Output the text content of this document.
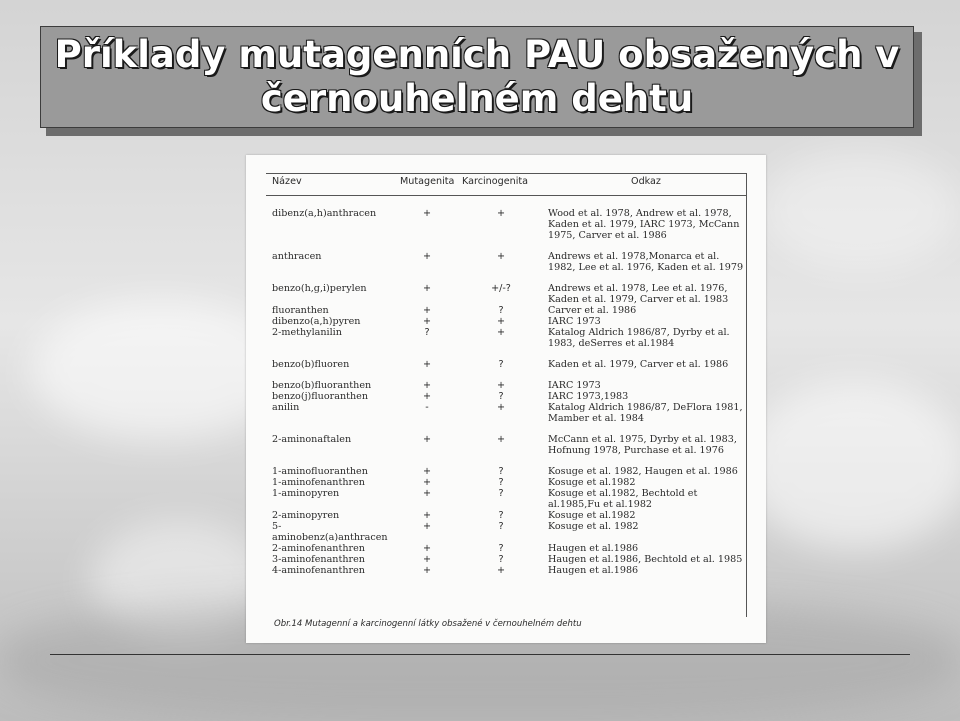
Příklady mutagenních PAU obsažených v
černouhelném dehtu
Název	Mutagenita	Karcinogenita	Odkaz
dibenz(a,h)anthracen	+	+	Wood et al. 1978, Andrew et al. 1978, Kaden et al. 1979, IARC 1973, McCann 1975, Carver et al. 1986
anthracen	+	+	Andrews et al. 1978,Monarca et al. 1982, Lee et al. 1976, Kaden et al. 1979
benzo(h,g,i)perylen	+	+/-?	Andrews et al. 1978, Lee et al. 1976, Kaden et al. 1979, Carver et al. 1983
fluoranthen	+	?	Carver et al. 1986
dibenzo(a,h)pyren	+	+	IARC 1973
2-methylanilin	?	+	Katalog Aldrich 1986/87, Dyrby et al. 1983, deSerres et al.1984
benzo(b)fluoren	+	?	Kaden et al. 1979, Carver et al. 1986
benzo(b)fluoranthen	+	+	IARC 1973
benzo(j)fluoranthen	+	?	IARC 1973,1983
anilin	-	+	Katalog Aldrich 1986/87, DeFlora 1981, Mamber et al. 1984
2-aminonaftalen	+	+	McCann et al. 1975, Dyrby et al. 1983, Hofnung 1978, Purchase et al. 1976
1-aminofluoranthen	+	?	Kosuge et al. 1982, Haugen et al. 1986
1-aminofenanthren	+	?	Kosuge et al.1982
1-aminopyren	+	?	Kosuge et al.1982, Bechtold et al.1985,Fu et al.1982
2-aminopyren	+	?	Kosuge et al.1982
5-aminobenz(a)anthracen	+	?	Kosuge et al. 1982
2-aminofenanthren	+	?	Haugen et al.1986
3-aminofenanthren	+	?	Haugen et al.1986, Bechtold et al. 1985
4-aminofenanthren	+	+	Haugen et al.1986
Obr.14 Mutagenní a karcinogenní látky obsažené v černouhelném dehtu
